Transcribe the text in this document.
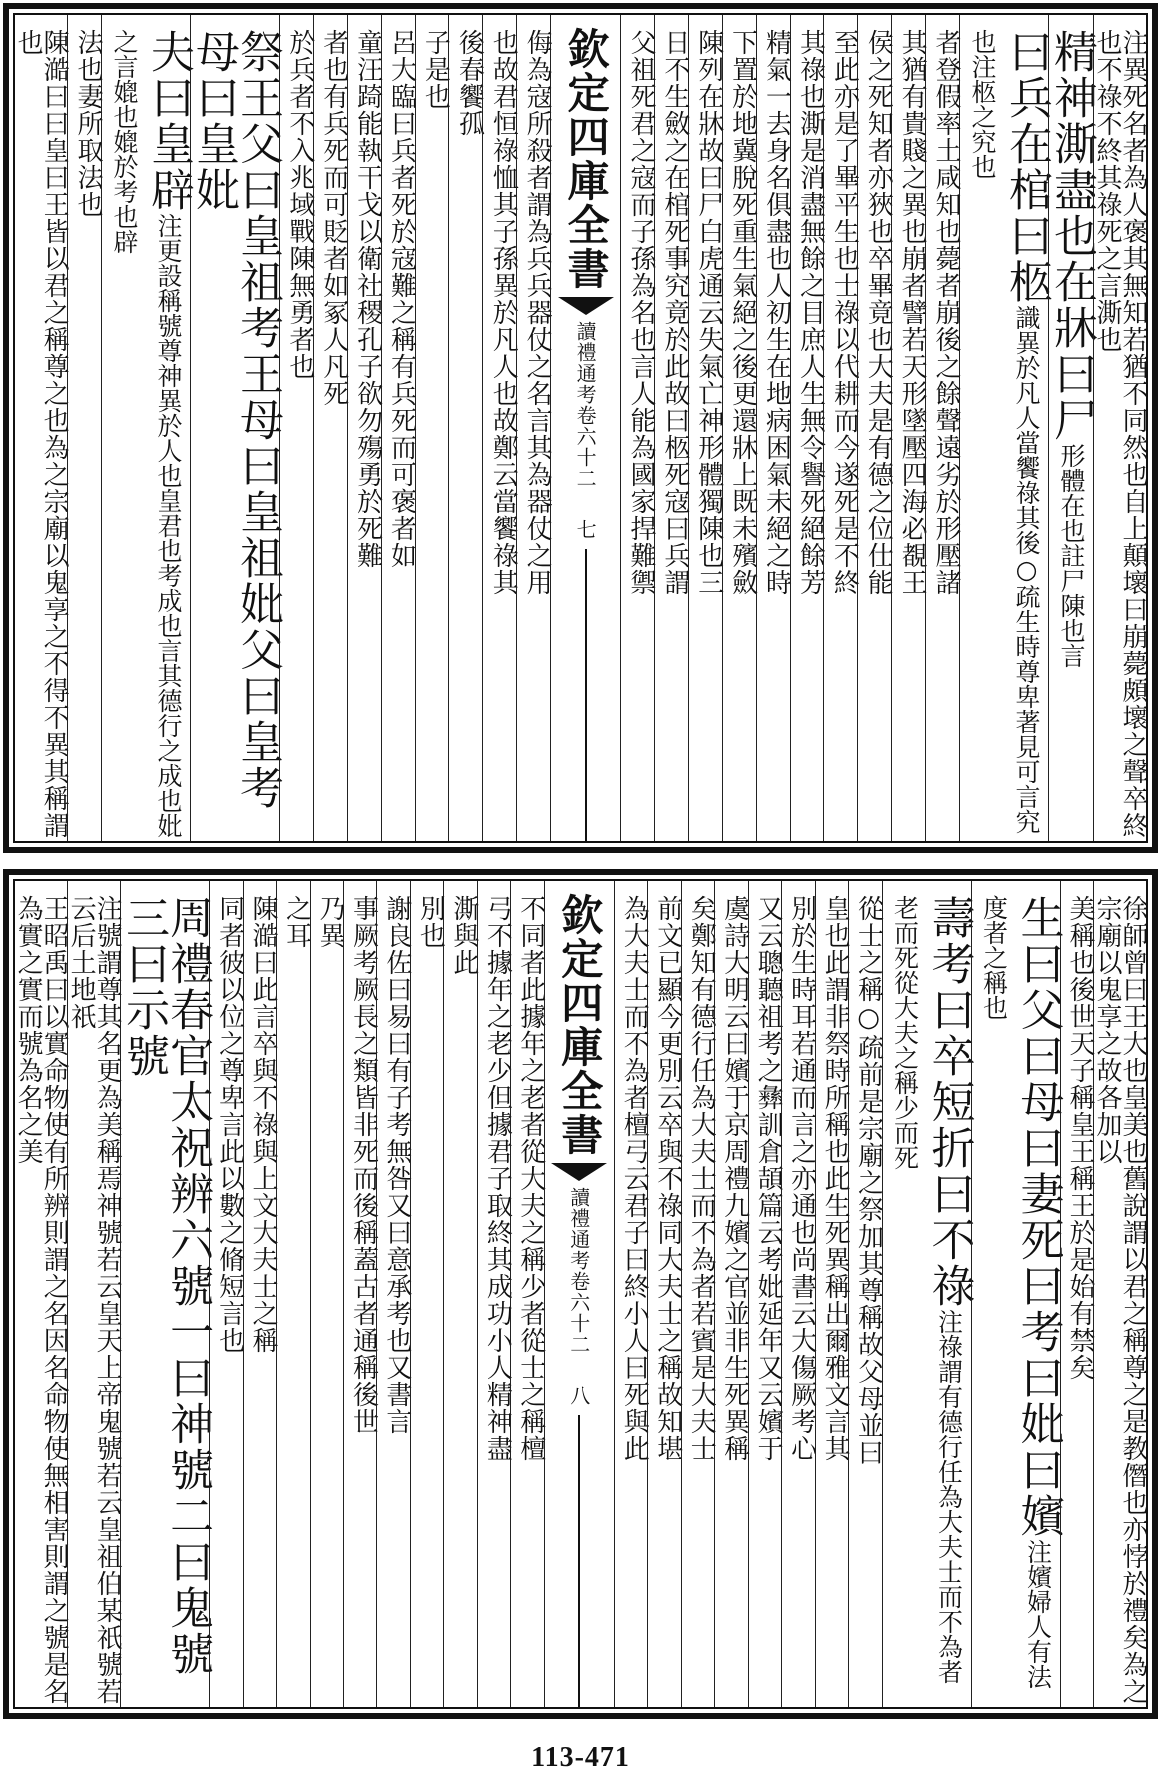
注異死名者為人褒其無知若猶不同然也自上顛壞曰崩薨頗壞之聲卒終也不祿不終其祿死之言澌也
精神澌盡也在牀曰尸形體在也註尸陳也言
曰兵在棺曰柩識異於凡人當饗祿其後○疏生時尊卑著見可言究也注柩之究也
者登假率土咸知也薨者崩後之餘聲遠劣於形壓諸
其猶有貴賤之異也崩者譬若天形墜壓四海必覩王
侯之死知者亦狹也卒畢竟也大夫是有德之位仕能
至此亦是了畢平生也士祿以代耕而今遂死是不終
其祿也澌是消盡無餘之目庶人生無令譽死絕餘芳
精氣一去身名俱盡也人初生在地病困氣未絕之時
下置於地冀脫死重生氣絕之後更還牀上既未殯斂
陳列在牀故曰尸白虎通云失氣亡神形體獨陳也三
日不生斂之在棺死事究竟於此故曰柩死寇曰兵謂
父祖死君之寇而子孫為名也言人能為國家捍難禦
欽定四庫全書
讀禮通考
卷六十二
七
侮為寇所殺者謂為兵兵器仗之名言其為器仗之用
也故君恒祿恤其子孫異於凡人也故鄭云當饗祿其
後春饗孤
子是也
呂大臨曰兵者死於寇難之稱有兵死而可褒者如
童汪踦能執干戈以衛社稷孔子欲勿殤勇於死難
者也有兵死而可貶者如冢人凡死
於兵者不入兆域戰陳無勇者也
祭王父曰皇祖考王母曰皇祖妣父曰皇考母曰皇妣
夫曰皇辟注更設稱號尊神異於人也皇君也考成也言其德行之成也妣之言媲也媲於考也辟
法也妻所取法也
陳澔曰曰皇曰王皆以君之稱尊之也為之宗廟以鬼享之不得不異其稱謂也
徐師曾曰王大也皇美也舊說謂以君之稱尊之是教僭也亦悖於禮矣為之宗廟以鬼享之故各加以
美稱也後世天子稱皇王稱王於是始有禁矣
生曰父曰母曰妻死曰考曰妣曰嬪注嬪婦人有法度者之稱也
壽考曰卒短折曰不祿注祿謂有德行任為大夫士而不為者老而死從大夫之稱少而死
從士之稱○疏前是宗廟之祭加其尊稱故父母並曰
皇也此謂非祭時所稱也此生死異稱出爾雅文言其
別於生時耳若通而言之亦通也尚書云大傷厥考心
又云聰聽祖考之彝訓倉頡篇云考妣延年又云嬪于
虞詩大明云曰嬪于京周禮九嬪之官並非生死異稱
矣鄭知有德行任為大夫士而不為者若賓是大夫士
前文已顯今更別云卒與不祿同大夫士之稱故知堪
為大夫士而不為者檀弓云君子曰終小人曰死與此
欽定四庫全書
讀禮通考
卷六十二
八
不同者此據年之老者從大夫之稱少者從士之稱檀
弓不據年之老少但據君子取終其成功小人精神盡
澌與此
別也
謝良佐曰易曰有子考無咎又曰意承考也又書言
事厥考厥長之類皆非死而後稱蓋古者通稱後世
乃異
之耳
陳澔曰此言卒與不祿與上文大夫士之稱
同者彼以位之尊卑言此以數之脩短言也
周禮春官太祝辨六號一曰神號二曰鬼號三曰示號
注號謂尊其名更為美稱焉神號若云皇天上帝鬼號若云皇祖伯某祇號若云后土地祇
王昭禹曰以實命物使有所辨則謂之名因名命物使無相害則謂之號是名為實之實而號為名之美
113-471
